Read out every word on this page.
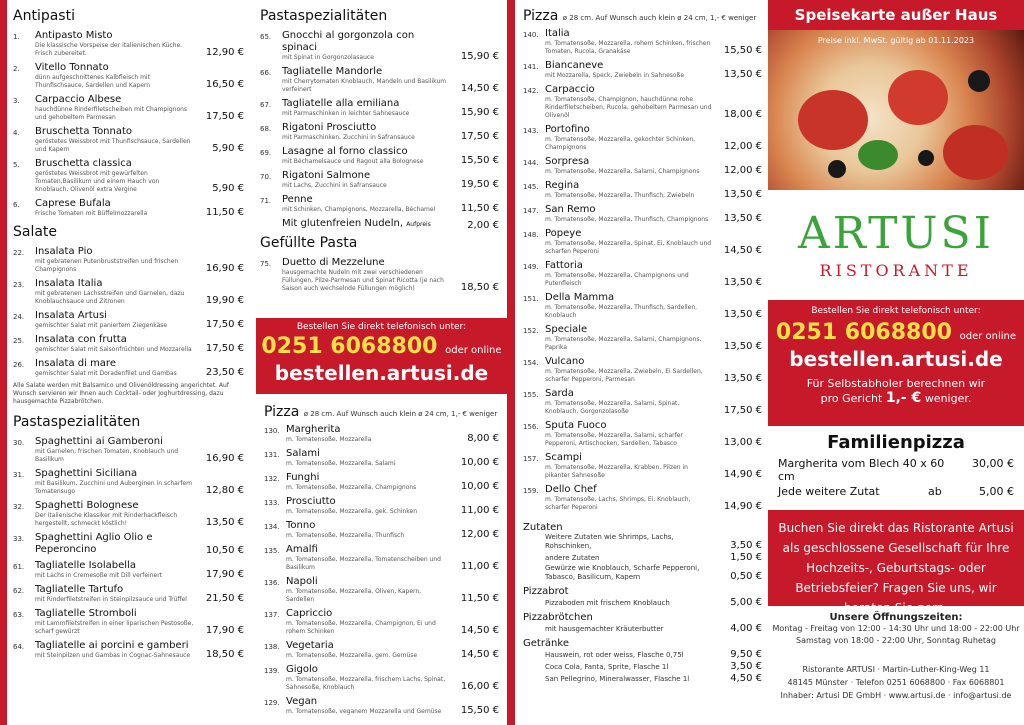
Antipasti
1.	Antipasto Misto
Die klassische Vorspeise der italienischen Küche. Frisch zubereitet.	12,90 €
2.	Vitello Tonnato
dünn aufgeschnittenes Kalbfleisch mit Thunfischsauce, Sardellen und Kapern	16,50 €
3.	Carpaccio Albese
hauchdünne Rinderfiletscheiben mit Champignons und gehobeltem Parmesan	17,50 €
4.	Bruschetta Tonnato
geröstetes Weissbrot mit Thunfischsauce, Sardellen und Kapern	5,90 €
5.	Bruschetta classica
geröstetes Weissbrot mit gewürfelten Tomaten,Basilikum und einem Hauch von Knoblauch, Olivenöl extra Vergine	5,90 €
6.	Caprese Bufala
Frische Tomaten mit Büffelmozzarella	11,50 €
Salate
22.	Insalata Pio
mit gebratenen Putenbruststreifen und frischen Champignons	16,90 €
23.	Insalata Italia
mit gebratenen Lachsstreifen und Garnelen, dazu Knoblauchsauce und Zitronen	19,90 €
24.	Insalata Artusi
gemischter Salat mit paniertem Ziegenkäse	17,50 €
25.	Insalata con frutta
gemischter Salat mit Saisonfrüchten und Mozzarella	17,50 €
26.	Insalata di mare
gemischter Salat mit Doradenfilet und Gambas	23,50 €
Alle Salate werden mit Balsamico und Olivenöldressing angerichtet. Auf Wunsch servieren wir Ihnen auch Cocktail- oder Joghurtdressing, dazu hausgemachte Pizzabrötchen.
Pastaspezialitäten
30.	Spaghettini ai Gamberoni
mit Garnelen, frischen Tomaten, Knoblauch und Basilikum	16,90 €
31.	Spaghettini Siciliana
mit Basilikum, Zucchini und Auberginen in scharfem Tomatensugo	12,80 €
32.	Spaghetti Bolognese
Der italienische Klassiker mit Rinderhackfleisch hergestellt, schmeckt köstlich!	13,50 €
33.	Spaghettini Aglio Olio e Peperoncino	10,50 €
61.	Tagliatelle Isolabella
mit Lachs in Cremesoße mit Dill verfeinert	17,90 €
62.	Tagliatelle Tartufo
mit Rinderfiletstreifen in Steinpilzsauce und Trüffel	21,50 €
63.	Tagliatelle Stromboli
mit Lammfiletstreifen in einer liparischen Pestosoße, scharf gewürzt	17,90 €
64.	Tagliatelle ai porcini e gamberi
mit Steinpilzen und Gambas in Cognac-Sahnesauce	18,50 €
Pastaspezialitäten
65.	Gnocchi al gorgonzola con spinaci
mit Spinat in Gorgonzolasauce	15,90 €
66.	Tagliatelle Mandorle
mit Cherrytomaten Knoblauch, Mandeln und Basilikum verfeinert	14,50 €
67.	Tagliatelle alla emiliana
mit Parmaschinken in leichter Sahnesauce	15,90 €
68.	Rigatoni Prosciutto
mit Parmaschinken, Zucchini in Safransauce	17,50 €
69.	Lasagne al forno classico
mit Béchamelsauce und Ragout alla Bolognese	15,50 €
70.	Rigatoni Salmone
mit Lachs, Zucchini in Safransauce	19,50 €
71.	Penne
mit Schinken, Champignons, Mozzarella, Béchamel	11,50 €
Mit glutenfreien Nudeln, Aufpreis	2,00 €
Gefüllte Pasta
75.	Duetto di Mezzelune
hausgemachte Nudeln mit zwei verschiedenen Füllungen, Pilze-Parmesan und Spinat Ricotta (je nach Saison auch wechselnde Füllungen möglich)	18,50 €
Bestellen Sie direkt telefonisch unter:
0251 6068800 oder online
bestellen.artusi.de
Pizza ø 28 cm. Auf Wunsch auch klein ø 24 cm, 1,- € weniger
130. Margherita
m. Tomatensoße, Mozzarella	8,00 €
131. Salami
m. Tomatensoße, Mozzarella, Salami	10,00 €
132. Funghi
m. Tomatensoße, Mozzarella, Champignons	10,00 €
133. Prosciutto
m. Tomatensoße, Mozzarella, gek. Schinken	11,00 €
134. Tonno
m. Tomatensoße, Mozzarella, Thunfisch	12,00 €
135. Amalfi
m. Tomatensoße, Mozzarella, Tomatenscheiben und Basilikum	11,00 €
136. Napoli
m. Tomatensoße, Mozzarella, Oliven, Kapern, Sardellen	11,50 €
137. Capriccio
m. Tomatensoße, Mozzarella, Champignon, Ei und rohem Schinken	14,50 €
138. Vegetaria
m. Tomatensoße, Mozzarella, gem. Gemüse	14,50 €
139. Gigolo
m. Tomatensoße, Mozzarella, frischem Lachs, Spinat, Sahnesoße, Knoblauch	16,00 €
129. Vegan
m. Tomatensoße, veganem Mozzarella und Gemüse	15,50 €
Pizza ø 28 cm. Auf Wunsch auch klein ø 24 cm, 1,- € weniger
140. Italia
m. Tomatensoße, Mozzarella, rohem Schinken, frischen Tomaten, Rucola, Granakäse	15,50 €
141. Biancaneve
mit Mozzarella, Speck, Zwiebeln in Sahnesoße	13,50 €
142. Carpaccio
m. Tomatensoße, Champignon, hauchdünne rohe Rinderfiletscheiben, Rucola, gehobeltem Parmesan und Olivenöl	18,00 €
143. Portofino
m. Tomatensoße, Mozzarella, gekochter Schinken, Champignons	12,00 €
144. Sorpresa
m. Tomatensoße, Mozzarella, Salami, Champignons	12,00 €
145. Regina
m. Tomatensoße, Mozzarella, Thunfisch, Zwiebeln	13,50 €
147. San Remo
m. Tomatensoße, Mozzarella, Thunfisch, Champignons	13,50 €
148. Popeye
m. Tomatensoße, Mozzarella, Spinat, Ei, Knoblauch und scharfen Peperoni	14,50 €
149. Fattoria
m. Tomatensoße, Mozzarella, Champignons und Putenfleisch	13,50 €
151. Della Mamma
m. Tomatensoße, Mozzarella, Thunfisch, Sardellen, Knoblauch	13,50 €
152. Speciale
m. Tomatensoße, Mozzarella, Salami, Champignons, Paprika	13,50 €
154. Vulcano
m. Tomatensoße, Mozzarella, Zwiebeln, Ei Sardellen, scharfer Pepperoni, Parmesan	13,50 €
155. Sarda
m. Tomatensoße, Mozzarella, Salami, Spinat, Knoblauch, Gorgonzolasoße	17,50 €
156. Sputa Fuoco
m. Tomatensoße, Mozzarella, Salami, scharfer Pepperoni, Artischocken, Sardellen, Tabasco	13,00 €
157. Scampi
m. Tomatensoße, Mozzarella, Krabben, Pilzen in pikanter Sahnesoße	14,90 €
159. Dello Chef
m. Tomatensoße, Lachs, Shrimps, Ei, Knoblauch, scharfer Peperoni	14,90 €
Zutaten
Weitere Zutaten wie Shrimps, Lachs, Rohschinken,	3,50 €
andere Zutaten	1,50 €
Gewürze wie Knoblauch, Scharfe Pepperoni, Tabasco, Basilicum, Kapern	0,50 €
Pizzabrot
Pizzaboden mit frischem Knoblauch	5,00 €
Pizzabrötchen
mit hausgemachter Kräuterbutter	4,00 €
Getränke
Hauswein, rot oder weiss, Flasche 0,75l	9,50 €
Coca Cola, Fanta, Sprite, Flasche 1l	3,50 €
San Pellegrino, Mineralwasser, Flasche 1l	4,50 €
Speisekarte außer Haus
Preise inkl. MwSt. gültig ab 01.11.2023
ARTUSI
RISTORANTE
Bestellen Sie direkt telefonisch unter:
0251 6068800 oder online
bestellen.artusi.de
Für Selbstabholer berechnen wir
pro Gericht 1,- € weniger.
Familienpizza
Margherita vom Blech 40 x 60 cm
30,00 €
Jede weitere Zutat	ab	5,00 €
Buchen Sie direkt das Ristorante Artusi als geschlossene Gesellschaft für Ihre Hochzeits-, Geburtstags- oder Betriebsfeier? Fragen Sie uns, wir beraten Sie gern.
Unsere Öffnungszeiten:
Montag - Freitag von 12:00 - 14:30 Uhr und 18:00 - 22:00 Uhr
Samstag von 18:00 - 22:00 Uhr, Sonntag Ruhetag
Ristorante ARTUSI · Martin-Luther-King-Weg 11
48145 Münster · Telefon 0251 6068800 · Fax 6068801
Inhaber: Artusi DE GmbH · www.artusi.de · info@artusi.de
